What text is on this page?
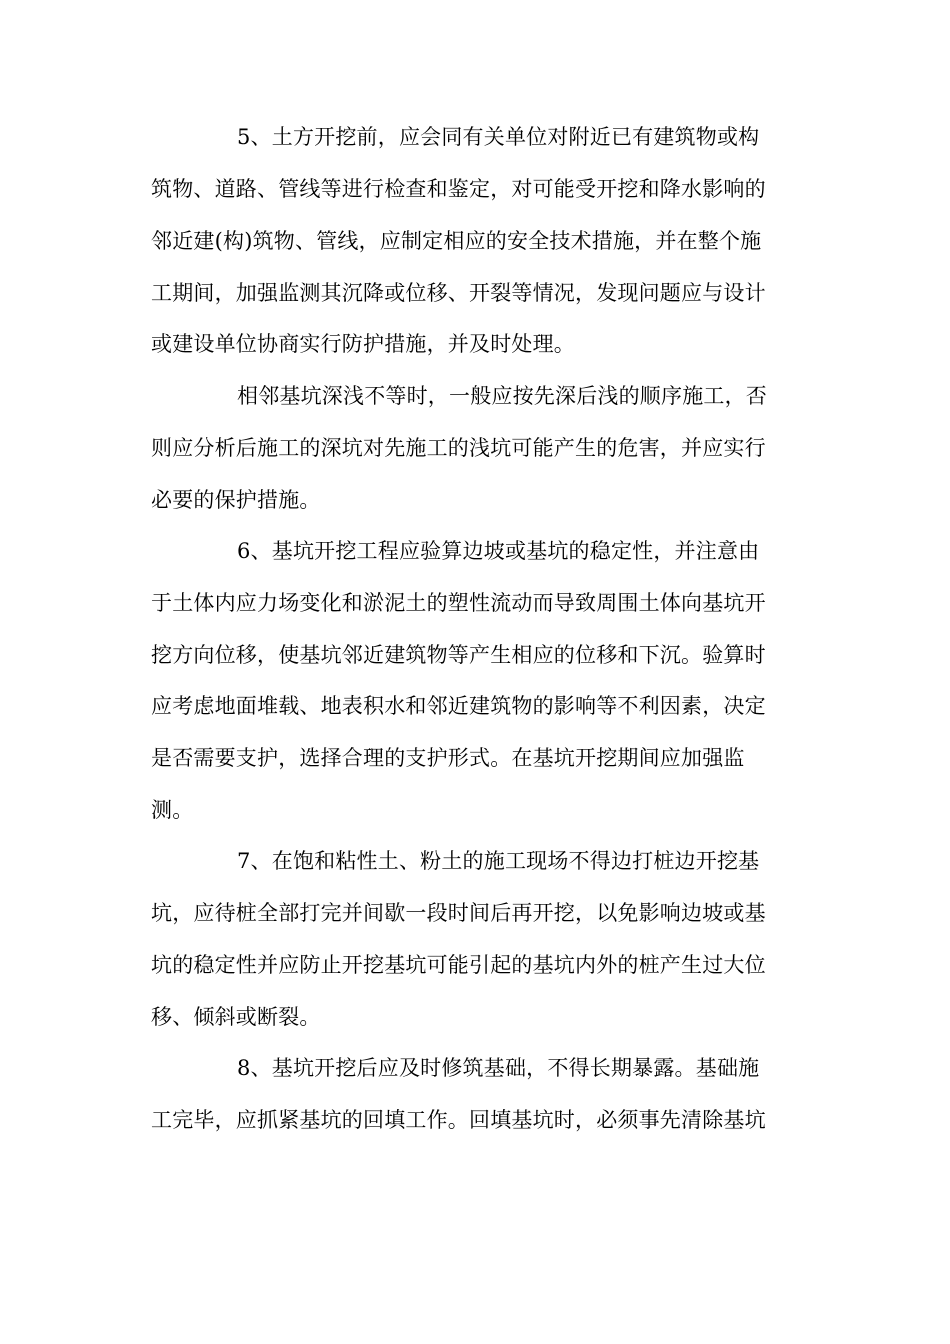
5、土方开挖前，应会同有关单位对附近已有建筑物或构
筑物、道路、管线等进行检查和鉴定，对可能受开挖和降水影响的
邻近建(构)筑物、管线，应制定相应的安全技术措施，并在整个施
工期间，加强监测其沉降或位移、开裂等情况，发现问题应与设计
或建设单位协商实行防护措施，并及时处理。
相邻基坑深浅不等时，一般应按先深后浅的顺序施工，否
则应分析后施工的深坑对先施工的浅坑可能产生的危害，并应实行
必要的保护措施。
6、基坑开挖工程应验算边坡或基坑的稳定性，并注意由
于土体内应力场变化和淤泥土的塑性流动而导致周围土体向基坑开
挖方向位移，使基坑邻近建筑物等产生相应的位移和下沉。验算时
应考虑地面堆载、地表积水和邻近建筑物的影响等不利因素，决定
是否需要支护，选择合理的支护形式。在基坑开挖期间应加强监
测。
7、在饱和粘性土、粉土的施工现场不得边打桩边开挖基
坑，应待桩全部打完并间歇一段时间后再开挖，以免影响边坡或基
坑的稳定性并应防止开挖基坑可能引起的基坑内外的桩产生过大位
移、倾斜或断裂。
8、基坑开挖后应及时修筑基础，不得长期暴露。基础施
工完毕，应抓紧基坑的回填工作。回填基坑时，必须事先清除基坑
